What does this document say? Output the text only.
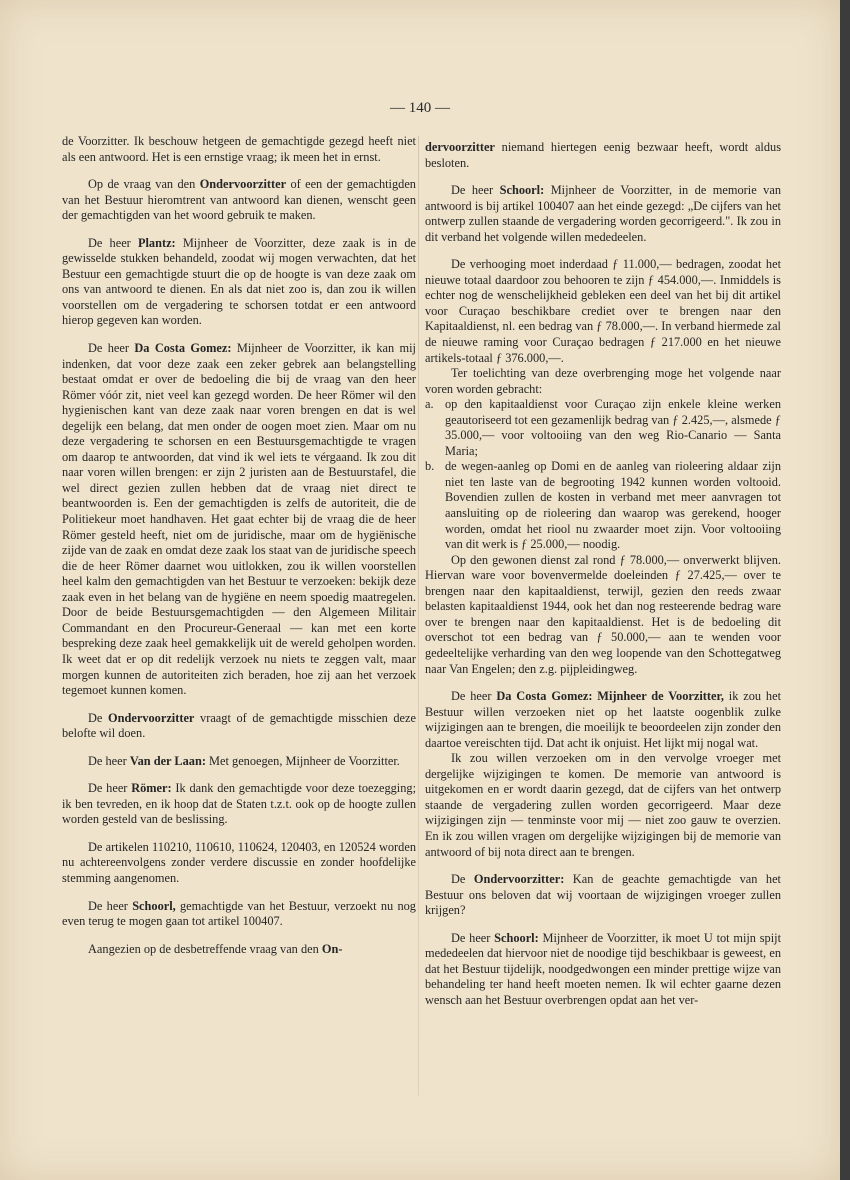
— 140 —

de Voorzitter. Ik beschouw hetgeen de gemachtigde gezegd heeft niet als een antwoord. Het is een ernstige vraag; ik meen het in ernst.

Op de vraag van den Ondervoorzitter of een der gemachtigden van het Bestuur hieromtrent van antwoord kan dienen, wenscht geen der gemachtigden van het woord gebruik te maken.

De heer Plantz: Mijnheer de Voorzitter, deze zaak is in de gewisselde stukken behandeld, zoodat wij mogen verwachten, dat het Bestuur een gemachtigde stuurt die op de hoogte is van deze zaak om ons van antwoord te dienen. En als dat niet zoo is, dan zou ik willen voorstellen om de vergadering te schorsen totdat er een antwoord hierop gegeven kan worden.

De heer Da Costa Gomez: Mijnheer de Voorzitter, ik kan mij indenken, dat voor deze zaak een zeker gebrek aan belangstelling bestaat omdat er over de bedoeling die bij de vraag van den heer Römer vóór zit, niet veel kan gezegd worden. De heer Römer wil den hygienischen kant van deze zaak naar voren brengen en dat is wel degelijk een belang, dat men onder de oogen moet zien. Maar om nu deze vergadering te schorsen en een Bestuursgemachtigde te vragen om daarop te antwoorden, dat vind ik wel iets te vérgaand. Ik zou dit naar voren willen brengen: er zijn 2 juristen aan de Bestuurstafel, die wel direct gezien zullen hebben dat de vraag niet direct te beantwoorden is. Een der gemachtigden is zelfs de autoriteit, die de Politiekeur moet handhaven. Het gaat echter bij de vraag die de heer Römer gesteld heeft, niet om de juridische, maar om de hygiënische zijde van de zaak en omdat deze zaak los staat van de juridische speech die de heer Römer daarnet wou uitlokken, zou ik willen voorstellen heel kalm den gemachtigden van het Bestuur te verzoeken: bekijk deze zaak even in het belang van de hygiëne en neem spoedig maatregelen. Door de beide Bestuursgemachtigden — den Algemeen Militair Commandant en den Procureur-Generaal — kan met een korte bespreking deze zaak heel gemakkelijk uit de wereld geholpen worden. Ik weet dat er op dit redelijk verzoek nu niets te zeggen valt, maar morgen kunnen de autoriteiten zich beraden, hoe zij aan het verzoek tegemoet kunnen komen.

De Ondervoorzitter vraagt of de gemachtigde misschien deze belofte wil doen.

De heer Van der Laan: Met genoegen, Mijnheer de Voorzitter.

De heer Römer: Ik dank den gemachtigde voor deze toezegging; ik ben tevreden, en ik hoop dat de Staten t.z.t. ook op de hoogte zullen worden gesteld van de beslissing.

De artikelen 110210, 110610, 110624, 120403, en 120524 worden nu achtereenvolgens zonder verdere discussie en zonder hoofdelijke stemming aangenomen.

De heer Schoorl, gemachtigde van het Bestuur, verzoekt nu nog even terug te mogen gaan tot artikel 100407.

Aangezien op de desbetreffende vraag van den On-

dervoorzitter niemand hiertegen eenig bezwaar heeft, wordt aldus besloten.

De heer Schoorl: Mijnheer de Voorzitter, in de memorie van antwoord is bij artikel 100407 aan het einde gezegd: „De cijfers van het ontwerp zullen staande de vergadering worden gecorrigeerd.". Ik zou in dit verband het volgende willen mededeelen.

De verhooging moet inderdaad ƒ 11.000,— bedragen, zoodat het nieuwe totaal daardoor zou behooren te zijn ƒ 454.000,—. Inmiddels is echter nog de wenschelijkheid gebleken een deel van het bij dit artikel voor Curaçao beschikbare crediet over te brengen naar den Kapitaaldienst, nl. een bedrag van ƒ 78.000,—. In verband hiermede zal de nieuwe raming voor Curaçao bedragen ƒ 217.000 en het nieuwe artikels-totaal ƒ 376.000,—.

Ter toelichting van deze overbrenging moge het volgende naar voren worden gebracht:

a. op den kapitaaldienst voor Curaçao zijn enkele kleine werken geautoriseerd tot een gezamenlijk bedrag van ƒ 2.425,—, alsmede ƒ 35.000,— voor voltooiing van den weg Rio-Canario — Santa Maria;
b. de wegen-aanleg op Domi en de aanleg van rioleering aldaar zijn niet ten laste van de begrooting 1942 kunnen worden voltooid. Bovendien zullen de kosten in verband met meer aanvragen tot aansluiting op de rioleering dan waarop was gerekend, hooger worden, omdat het riool nu zwaarder moet zijn. Voor voltooiing van dit werk is ƒ 25.000,— noodig.

Op den gewonen dienst zal rond ƒ 78.000,— onverwerkt blijven. Hiervan ware voor bovenvermelde doeleinden ƒ 27.425,— over te brengen naar den kapitaaldienst, terwijl, gezien den reeds zwaar belasten kapitaaldienst 1944, ook het dan nog resteerende bedrag ware over te brengen naar den kapitaaldienst. Het is de bedoeling dit overschot tot een bedrag van ƒ 50.000,— aan te wenden voor gedeeltelijke verharding van den weg loopende van den Schottegatweg naar Van Engelen; den z.g. pijpleidingweg.

De heer Da Costa Gomez: Mijnheer de Voorzitter, ik zou het Bestuur willen verzoeken niet op het laatste oogenblik zulke wijzigingen aan te brengen, die moeilijk te beoordeelen zijn zonder den daartoe vereischten tijd. Dat acht ik onjuist. Het lijkt mij nogal wat.

Ik zou willen verzoeken om in den vervolge vroeger met dergelijke wijzigingen te komen. De memorie van antwoord is uitgekomen en er wordt daarin gezegd, dat de cijfers van het ontwerp staande de vergadering zullen worden gecorrigeerd. Maar deze wijzigingen zijn — tenminste voor mij — niet zoo gauw te overzien. En ik zou willen vragen om dergelijke wijzigingen bij de memorie van antwoord of bij nota direct aan te brengen.

De Ondervoorzitter: Kan de geachte gemachtigde van het Bestuur ons beloven dat wij voortaan de wijzigingen vroeger zullen krijgen?

De heer Schoorl: Mijnheer de Voorzitter, ik moet U tot mijn spijt mededeelen dat hiervoor niet de noodige tijd beschikbaar is geweest, en dat het Bestuur tijdelijk, noodgedwongen een minder prettige wijze van behandeling ter hand heeft moeten nemen. Ik wil echter gaarne dezen wensch aan het Bestuur overbrengen opdat aan het ver-
